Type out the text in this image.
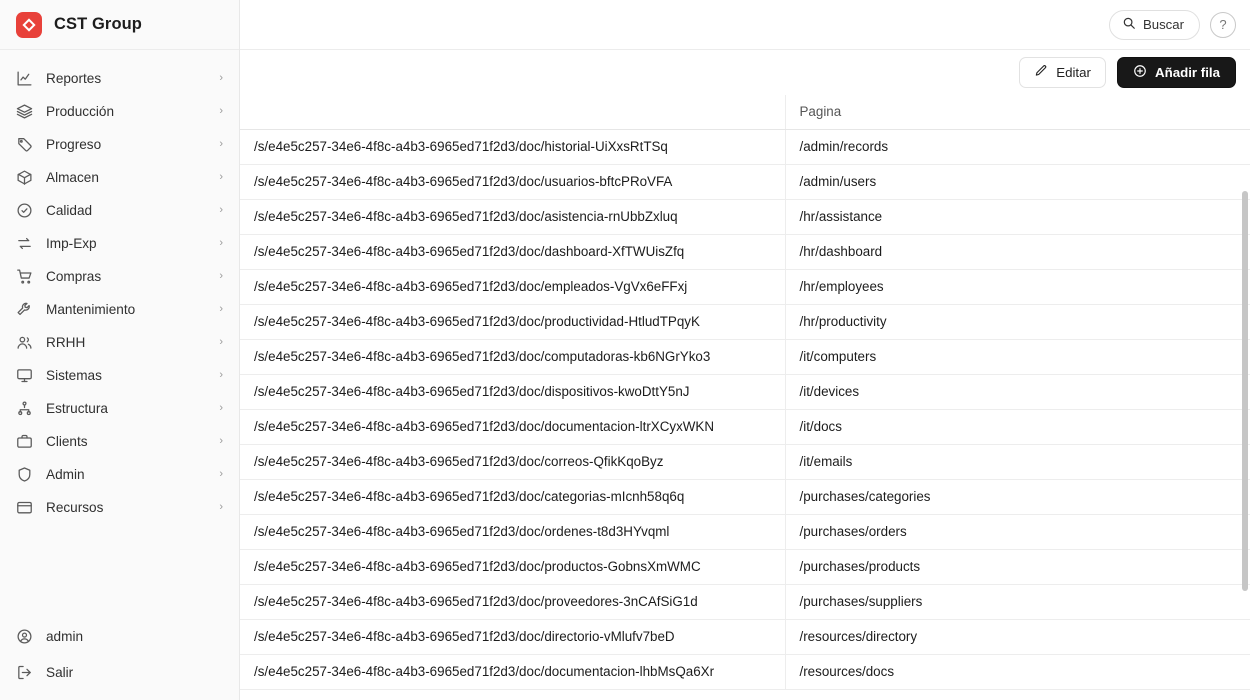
CST Group
Reportes	›
Producción	›
Progreso	›
Almacen	›
Calidad	›
Imp-Exp	›
Compras	›
Mantenimiento	›
RRHH	›
Sistemas	›
Estructura	›
Clients	›
Admin	›
Recursos	›
admin
Salir
Buscar	?
Editar	Añadir fila
	Pagina
/s/e4e5c257-34e6-4f8c-a4b3-6965ed71f2d3/doc/historial-UiXxsRtTSq	/admin/records
/s/e4e5c257-34e6-4f8c-a4b3-6965ed71f2d3/doc/usuarios-bftcPRoVFA	/admin/users
/s/e4e5c257-34e6-4f8c-a4b3-6965ed71f2d3/doc/asistencia-rnUbbZxluq	/hr/assistance
/s/e4e5c257-34e6-4f8c-a4b3-6965ed71f2d3/doc/dashboard-XfTWUisZfq	/hr/dashboard
/s/e4e5c257-34e6-4f8c-a4b3-6965ed71f2d3/doc/empleados-VgVx6eFFxj	/hr/employees
/s/e4e5c257-34e6-4f8c-a4b3-6965ed71f2d3/doc/productividad-HtludTPqyK	/hr/productivity
/s/e4e5c257-34e6-4f8c-a4b3-6965ed71f2d3/doc/computadoras-kb6NGrYko3	/it/computers
/s/e4e5c257-34e6-4f8c-a4b3-6965ed71f2d3/doc/dispositivos-kwoDttY5nJ	/it/devices
/s/e4e5c257-34e6-4f8c-a4b3-6965ed71f2d3/doc/documentacion-ltrXCyxWKN	/it/docs
/s/e4e5c257-34e6-4f8c-a4b3-6965ed71f2d3/doc/correos-QfikKqoByz	/it/emails
/s/e4e5c257-34e6-4f8c-a4b3-6965ed71f2d3/doc/categorias-mIcnh58q6q	/purchases/categories
/s/e4e5c257-34e6-4f8c-a4b3-6965ed71f2d3/doc/ordenes-t8d3HYvqml	/purchases/orders
/s/e4e5c257-34e6-4f8c-a4b3-6965ed71f2d3/doc/productos-GobnsXmWMC	/purchases/products
/s/e4e5c257-34e6-4f8c-a4b3-6965ed71f2d3/doc/proveedores-3nCAfSiG1d	/purchases/suppliers
/s/e4e5c257-34e6-4f8c-a4b3-6965ed71f2d3/doc/directorio-vMlufv7beD	/resources/directory
/s/e4e5c257-34e6-4f8c-a4b3-6965ed71f2d3/doc/documentacion-lhbMsQa6Xr	/resources/docs
